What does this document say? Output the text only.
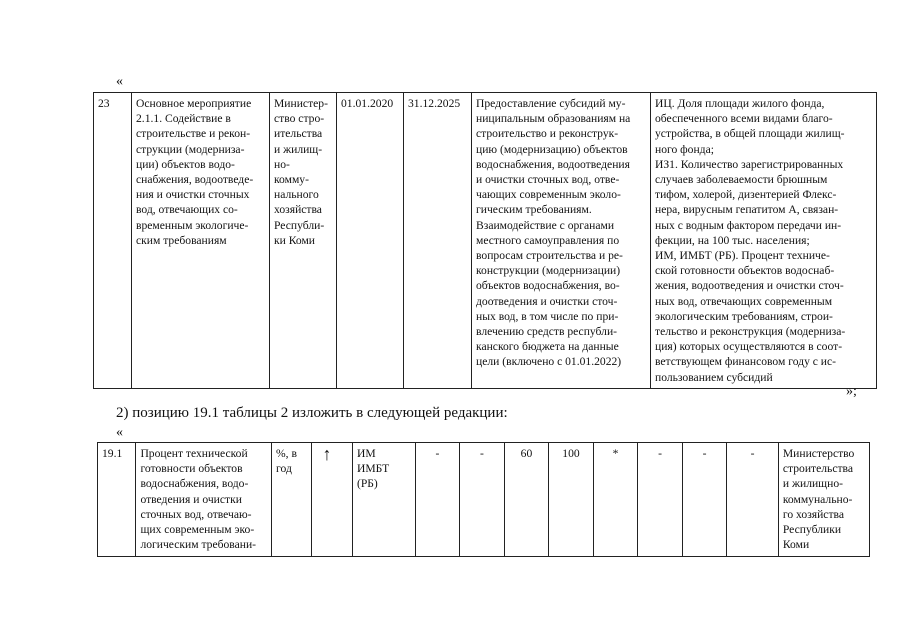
«
23	Основное мероприятие
2.1.1. Содействие в
строительстве и рекон-
струкции (модерниза-
ции) объектов водо-
снабжения, водоотведе-
ния и очистки сточных
вод, отвечающих со-
временным экологиче-
ским требованиям	Министер-
ство стро-
ительства
и жилищ-
но-
комму-
нального
хозяйства
Республи-
ки Коми	01.01.2020	31.12.2025	Предоставление субсидий му-
ниципальным образованиям на
строительство и реконструк-
цию (модернизацию) объектов
водоснабжения, водоотведения
и очистки сточных вод, отве-
чающих современным эколо-
гическим требованиям.
Взаимодействие с органами
местного самоуправления по
вопросам строительства и ре-
конструкции (модернизации)
объектов водоснабжения, во-
доотведения и очистки сточ-
ных вод, в том числе по при-
влечению средств республи-
канского бюджета на данные
цели (включено с 01.01.2022)	ИЦ. Доля площади жилого фонда,
обеспеченного всеми видами благо-
устройства, в общей площади жилищ-
ного фонда;
ИЗ1. Количество зарегистрированных
случаев заболеваемости брюшным
тифом, холерой, дизентерией Флекс-
нера, вирусным гепатитом А, связан-
ных с водным фактором передачи ин-
фекции, на 100 тыс. населения;
ИМ, ИМБТ (РБ). Процент техниче-
ской готовности объектов водоснаб-
жения, водоотведения и очистки сточ-
ных вод, отвечающих современным
экологическим требованиям, строи-
тельство и реконструкция (модерниза-
ция) которых осуществляются в соот-
ветствующем финансовом году с ис-
пользованием субсидий
»;
2) позицию 19.1 таблицы 2 изложить в следующей редакции:
«
19.1	Процент технической
готовности объектов
водоснабжения, водо-
отведения и очистки
сточных вод, отвечаю-
щих современным эко-
логическим требовани-	%, в
год	↑	ИМ
ИМБТ
(РБ)	-	-	60	100	*	-	-	-	Министерство
строительства
и жилищно-
коммунально-
го хозяйства
Республики
Коми
